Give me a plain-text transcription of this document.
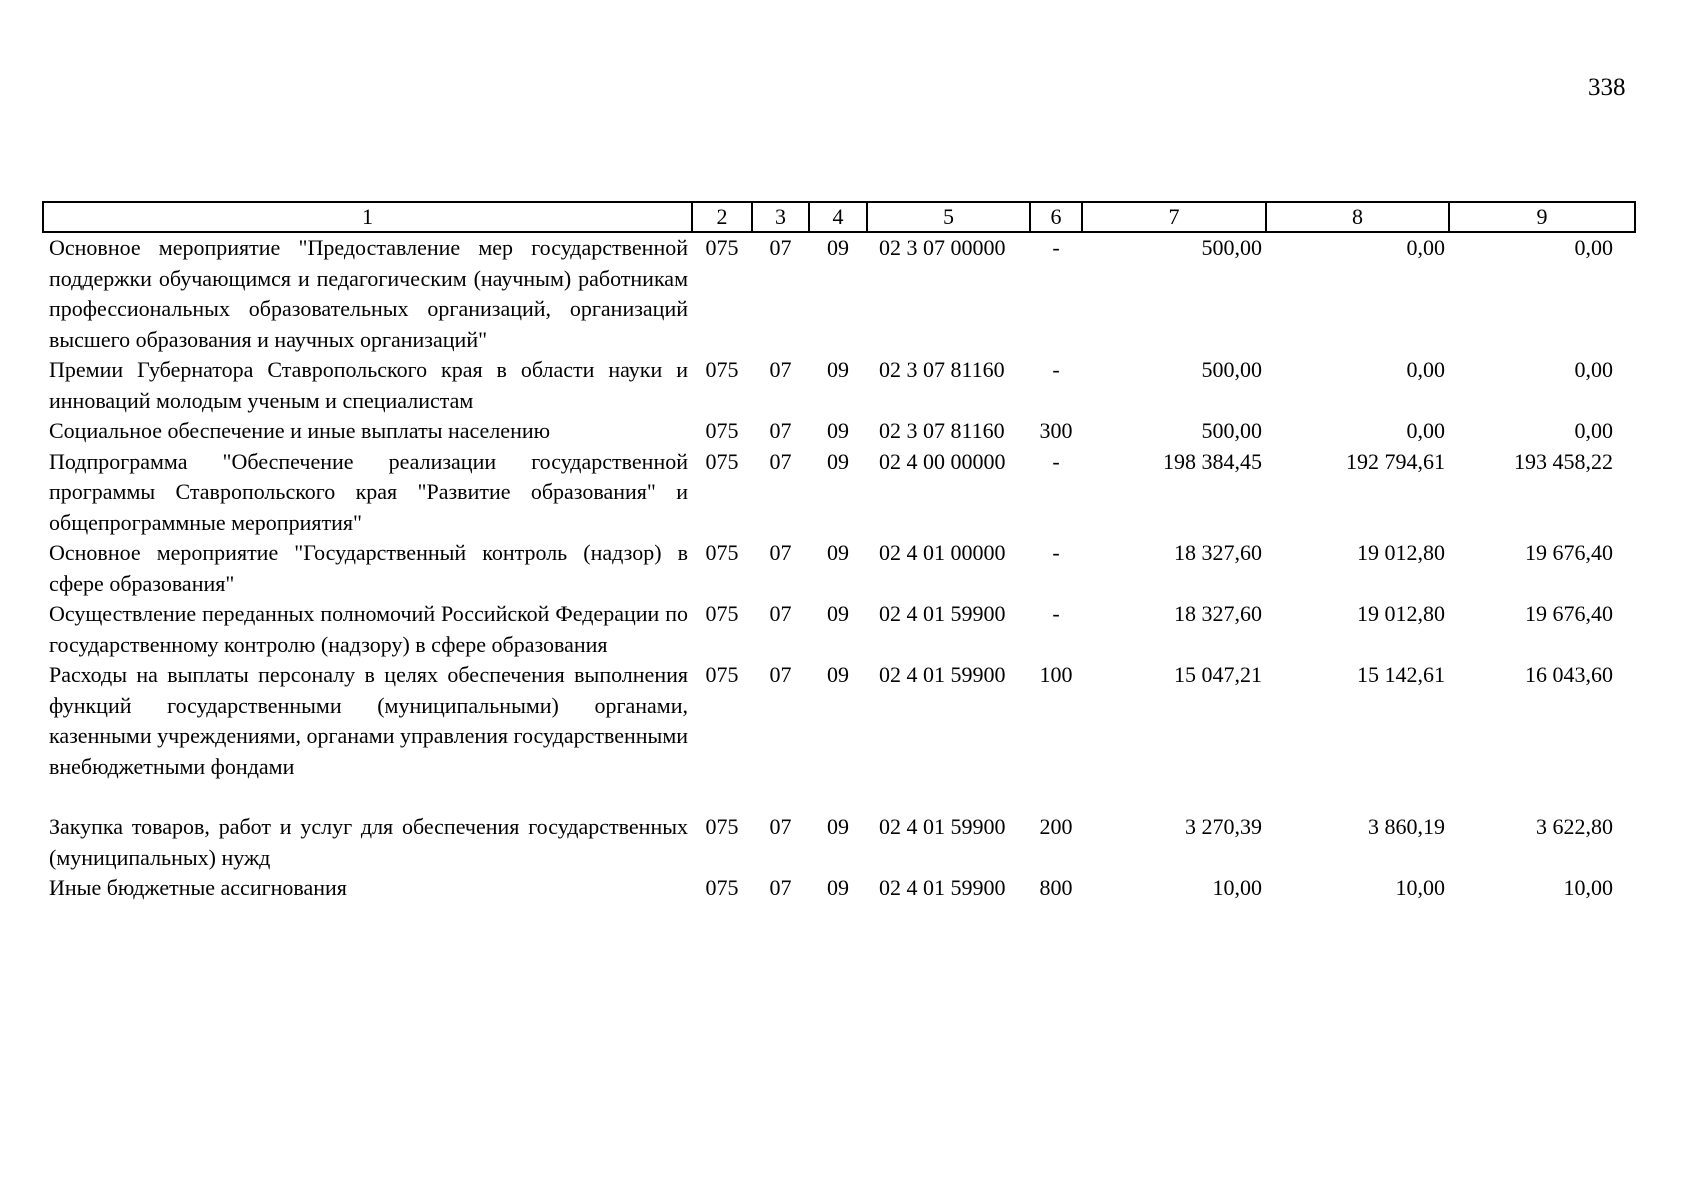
338
1	2	3	4	5	6	7	8	9
Основное мероприятие "Предоставление мер государственной поддержки обучающимся и педагогическим (научным) работникам профессиональных образовательных организаций, организаций высшего образования и научных организаций"	075	07	09	02 3 07 00000	-	500,00	0,00	0,00
Премии Губернатора Ставропольского края в области науки и инноваций молодым ученым и специалистам	075	07	09	02 3 07 81160	-	500,00	0,00	0,00
Социальное обеспечение и иные выплаты населению	075	07	09	02 3 07 81160	300	500,00	0,00	0,00
Подпрограмма "Обеспечение реализации государственной программы Ставропольского края "Развитие образования" и общепрограммные мероприятия"	075	07	09	02 4 00 00000	-	198 384,45	192 794,61	193 458,22
Основное мероприятие "Государственный контроль (надзор) в сфере образования"	075	07	09	02 4 01 00000	-	18 327,60	19 012,80	19 676,40
Осуществление переданных полномочий Российской Федерации по государственному контролю (надзору) в сфере образования	075	07	09	02 4 01 59900	-	18 327,60	19 012,80	19 676,40
Расходы на выплаты персоналу в целях обеспечения выполнения функций государственными (муниципальными) органами, казенными учреждениями, органами управления государственными внебюджетными фондами	075	07	09	02 4 01 59900	100	15 047,21	15 142,61	16 043,60
Закупка товаров, работ и услуг для обеспечения государственных (муниципальных) нужд	075	07	09	02 4 01 59900	200	3 270,39	3 860,19	3 622,80
Иные бюджетные ассигнования	075	07	09	02 4 01 59900	800	10,00	10,00	10,00
